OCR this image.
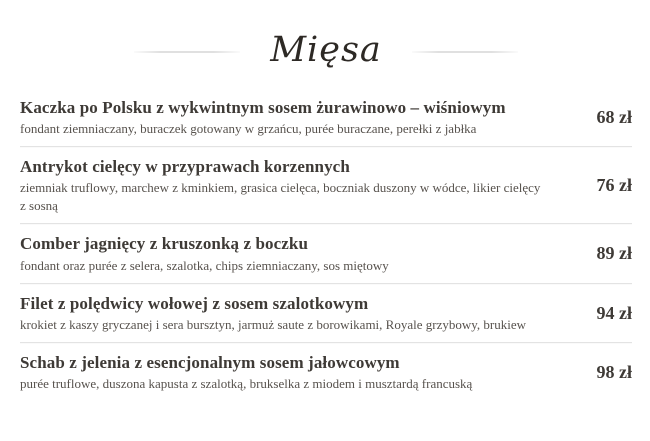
Mięsa
Kaczka po Polsku z wykwintnym sosem żurawinowo – wiśniowym

fondant ziemniaczany, buraczek gotowany w grzańcu, purée buraczane, perełki z jabłka

68 zł
Antrykot cielęcy w przyprawach korzennych

ziemniak truflowy, marchew z kminkiem, grasica cielęca, boczniak duszony w wódce, likier cielęcy z sosną

76 zł
Comber jagnięcy z kruszonką z boczku

fondant oraz purée z selera, szalotka, chips ziemniaczany, sos miętowy

89 zł
Filet z polędwicy wołowej z sosem szalotkowym

krokiet z kaszy gryczanej i sera bursztyn, jarmuż saute z borowikami, Royale grzybowy, brukiew

94 zł
Schab z jelenia z esencjonalnym sosem jałowcowym

purée truflowe, duszona kapusta z szalotką, brukselka z miodem i musztardą francuską

98 zł
